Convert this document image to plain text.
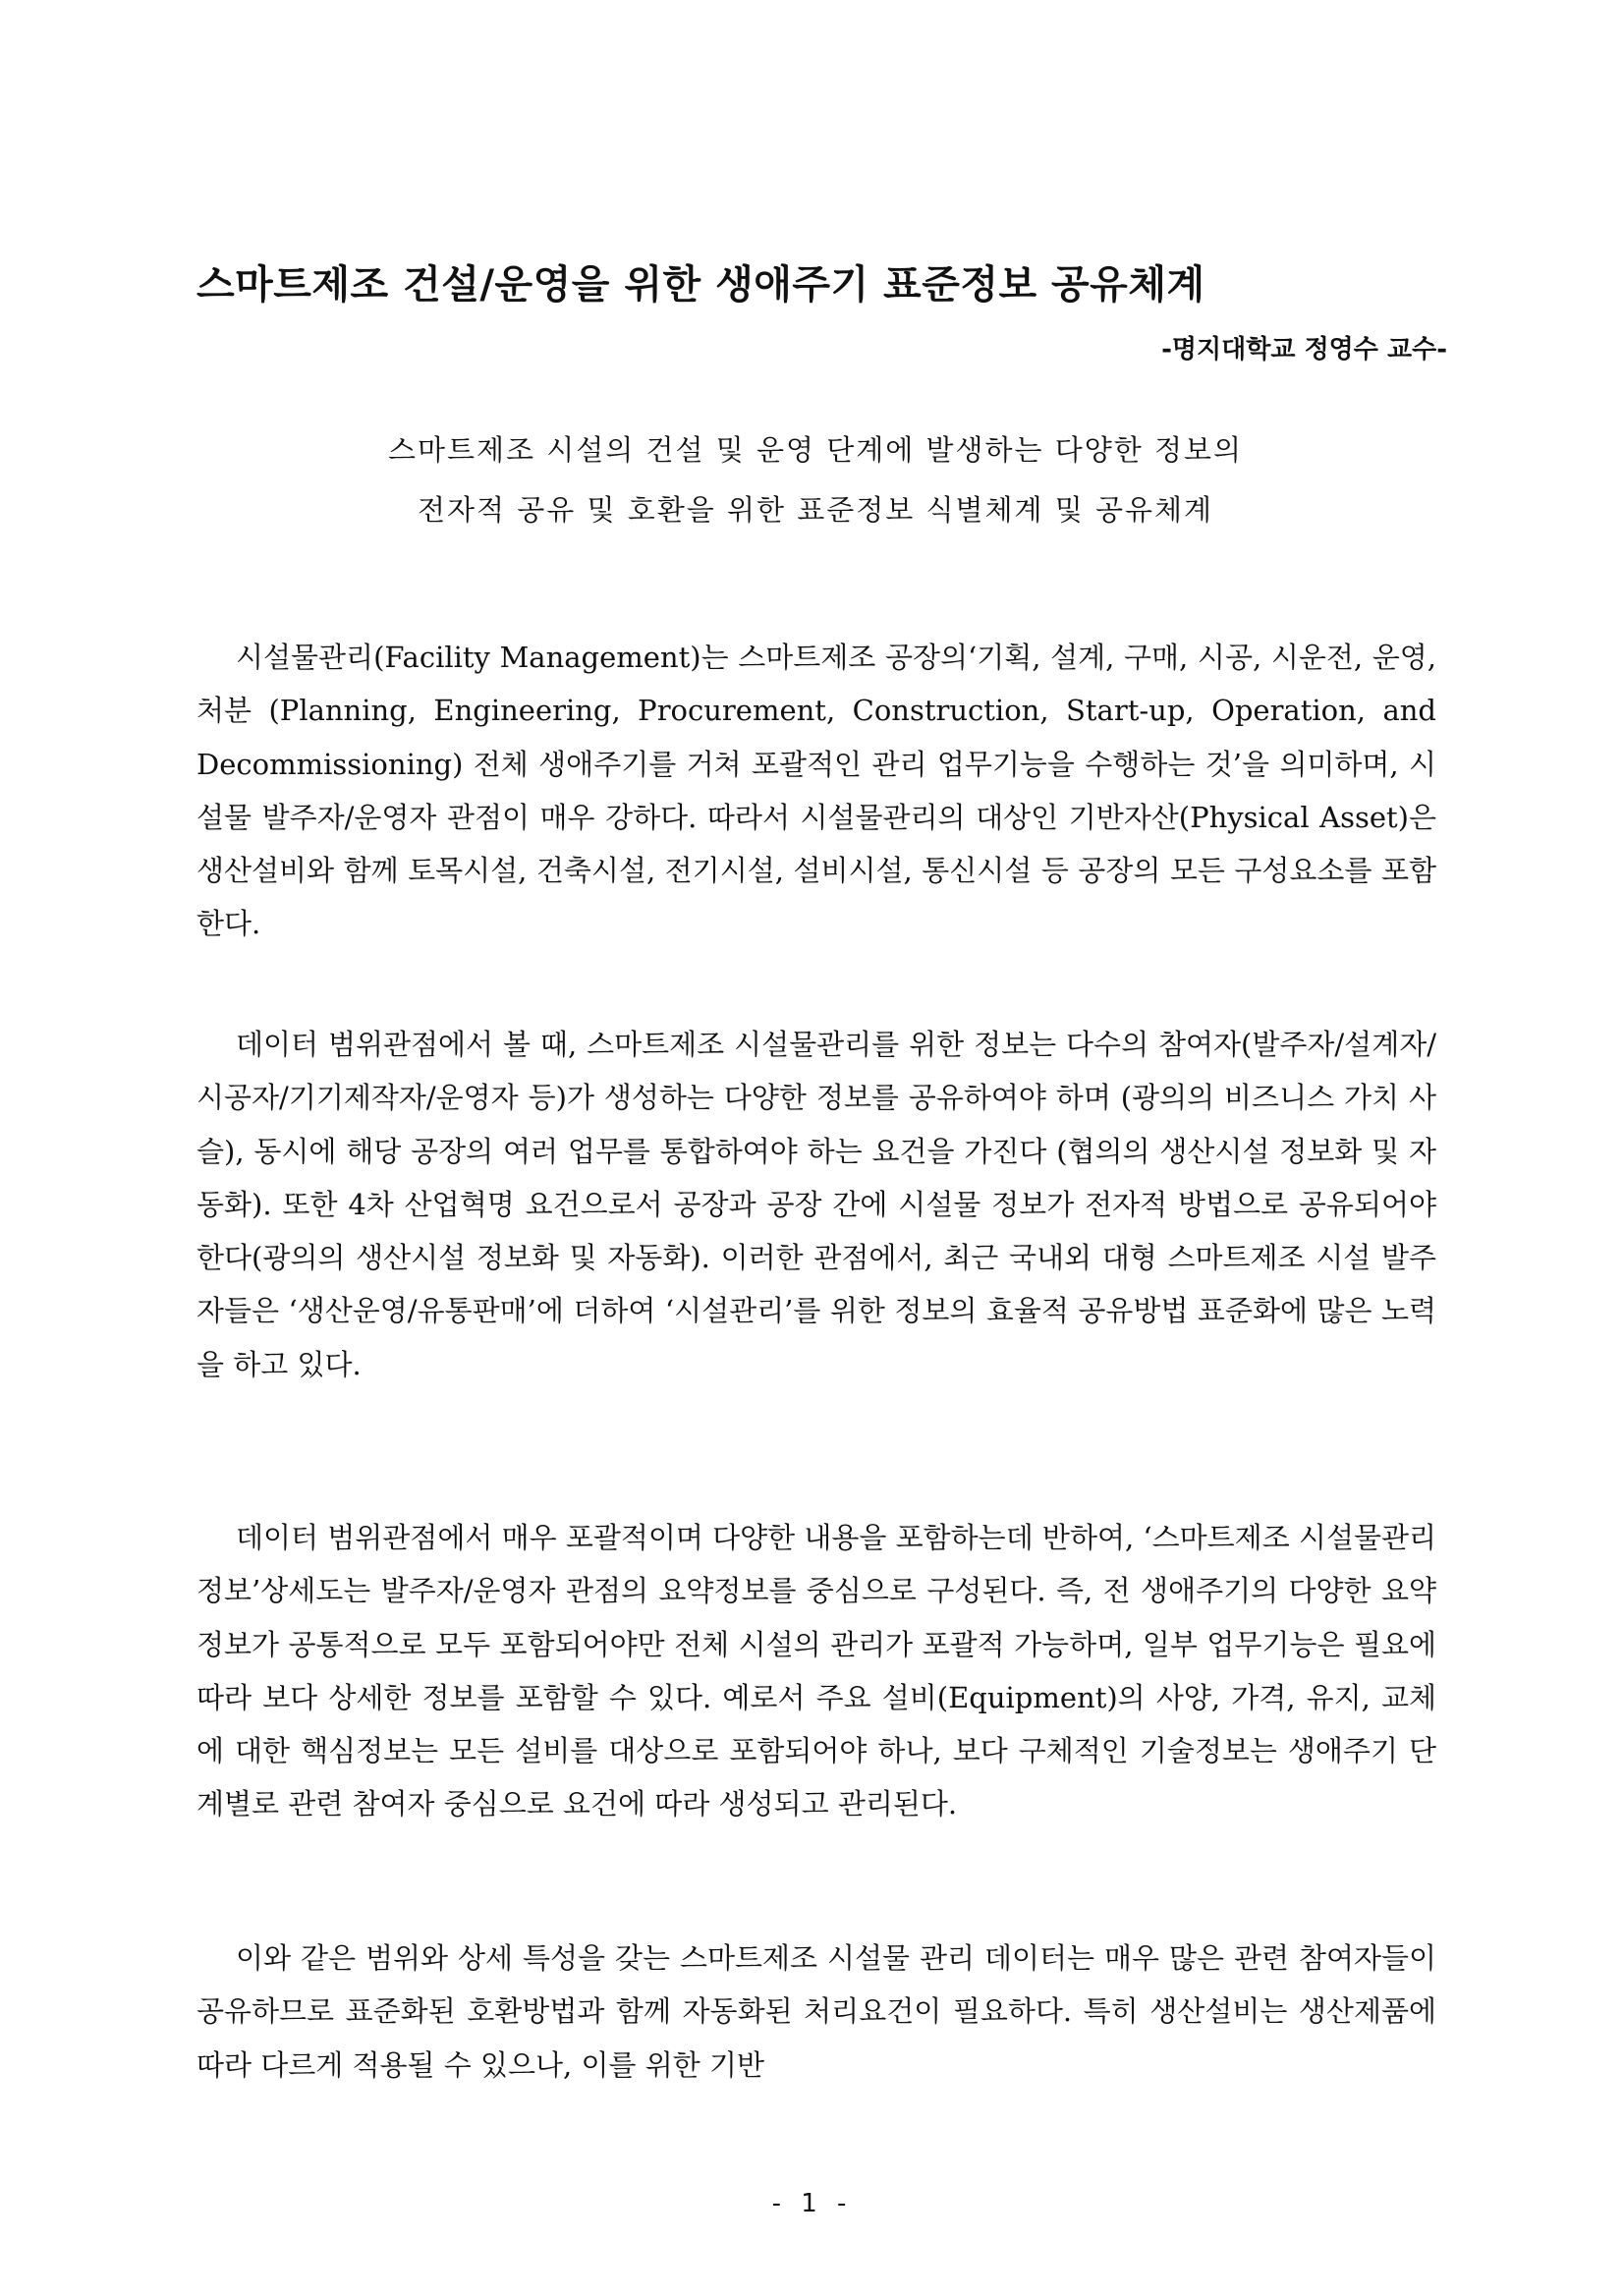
스마트제조 건설/운영을 위한 생애주기 표준정보 공유체계
-명지대학교 정영수 교수-
스마트제조 시설의 건설 및 운영 단계에 발생하는 다양한 정보의
전자적 공유 및 호환을 위한 표준정보 식별체계 및 공유체계

시설물관리(Facility Management)는 스마트제조 공장의‘기획, 설계, 구매, 시공, 시운전, 운영, 처분 (Planning, Engineering, Procurement, Construction, Start-up, Operation, and Decommissioning) 전체 생애주기를 거쳐 포괄적인 관리 업무기능을 수행하는 것’을 의미하며, 시설물 발주자/운영자 관점이 매우 강하다. 따라서 시설물관리의 대상인 기반자산(Physical Asset)은 생산설비와 함께 토목시설, 건축시설, 전기시설, 설비시설, 통신시설 등 공장의 모든 구성요소를 포함한다.

데이터 범위관점에서 볼 때, 스마트제조 시설물관리를 위한 정보는 다수의 참여자(발주자/설계자/시공자/기기제작자/운영자 등)가 생성하는 다양한 정보를 공유하여야 하며 (광의의 비즈니스 가치 사슬), 동시에 해당 공장의 여러 업무를 통합하여야 하는 요건을 가진다 (협의의 생산시설 정보화 및 자동화). 또한 4차 산업혁명 요건으로서 공장과 공장 간에 시설물 정보가 전자적 방법으로 공유되어야 한다(광의의 생산시설 정보화 및 자동화). 이러한 관점에서, 최근 국내외 대형 스마트제조 시설 발주자들은 ‘생산운영/유통판매’에 더하여 ‘시설관리’를 위한 정보의 효율적 공유방법 표준화에 많은 노력을 하고 있다.

데이터 범위관점에서 매우 포괄적이며 다양한 내용을 포함하는데 반하여, ‘스마트제조 시설물관리 정보’상세도는 발주자/운영자 관점의 요약정보를 중심으로 구성된다. 즉, 전 생애주기의 다양한 요약정보가 공통적으로 모두 포함되어야만 전체 시설의 관리가 포괄적 가능하며, 일부 업무기능은 필요에 따라 보다 상세한 정보를 포함할 수 있다. 예로서 주요 설비(Equipment)의 사양, 가격, 유지, 교체에 대한 핵심정보는 모든 설비를 대상으로 포함되어야 하나, 보다 구체적인 기술정보는 생애주기 단계별로 관련 참여자 중심으로 요건에 따라 생성되고 관리된다.

이와 같은 범위와 상세 특성을 갖는 스마트제조 시설물 관리 데이터는 매우 많은 관련 참여자들이 공유하므로 표준화된 호환방법과 함께 자동화된 처리요건이 필요하다. 특히 생산설비는 생산제품에 따라 다르게 적용될 수 있으나, 이를 위한 기반

- 1 -
